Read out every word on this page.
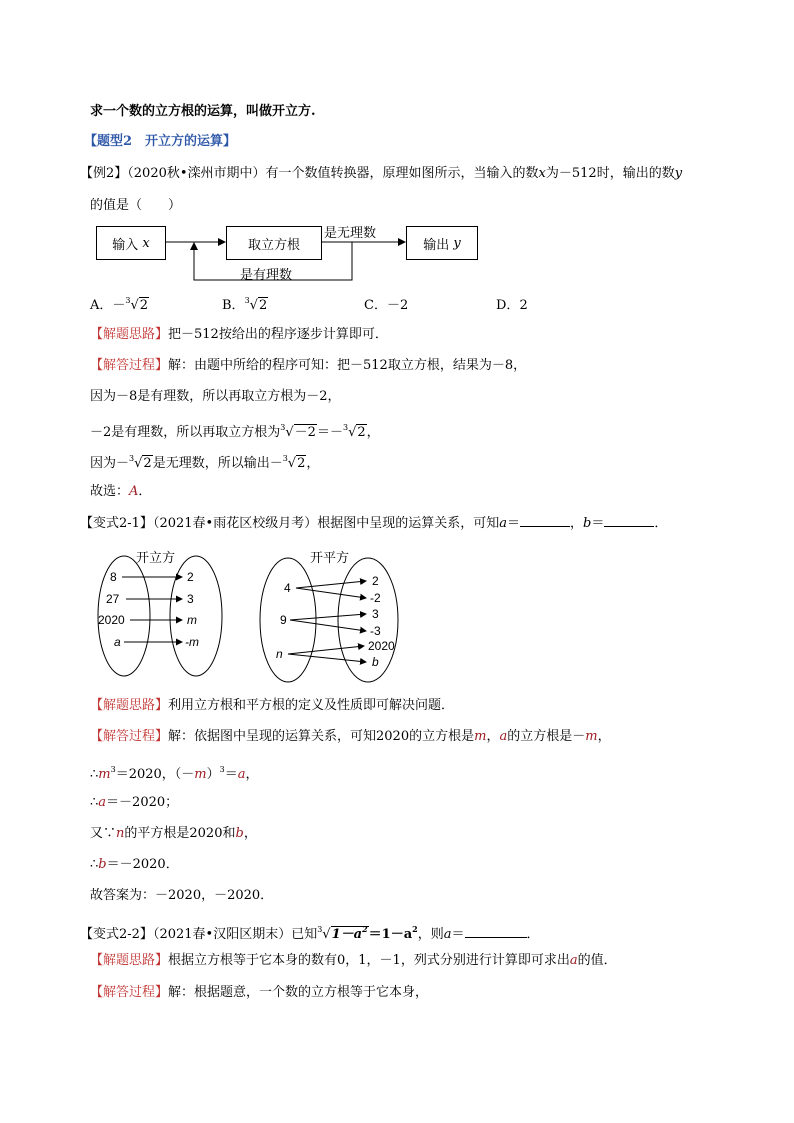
求一个数的立方根的运算，叫做开立方.
【题型2　开立方的运算】
【例2】（2020秋•滦州市期中）有一个数值转换器，原理如图所示，当输入的数x为－512时，输出的数y
的值是（　　）
输入
x	取立方根	输出
y
是无理数
是有理数
A．－$^3$√2	B．$^3$√2	C．－2	D．2
【解题思路】把－512按给出的程序逐步计算即可．
【解答过程】解：由题中所给的程序可知：把－512取立方根，结果为－8，
因为－8是有理数，所以再取立方根为－2，
－2是有理数，所以再取立方根为$^3$√－2＝－$^3$√2，
因为－$^3$√2是无理数，所以输出－$^3$√2，
故选：A．
【变式2-1】（2021春•雨花区校级月考）根据图中呈现的运算关系，可知a＝	，b＝	．
开立方
8
27
2020
a
2
3
m
-m
开平方
4
9
n
2
-2
3
-3
2020
b
【解题思路】利用立方根和平方根的定义及性质即可解决问题．
【解答过程】解：依据图中呈现的运算关系，可知2020的立方根是m，a的立方根是－m，
$\therefore m^3=2020$，$(-m)^3=a$，
∴a＝－2020；
又∵n的平方根是2020和b，
∴b＝－2020．
故答案为：－2020，－2020．
【变式2-2】（2021春•汉阳区期末）已知$^3√1-a^2=1-a^2$，则a＝	．
【解题思路】根据立方根等于它本身的数有0，1，－1，列式分别进行计算即可求出a的值．
【解答过程】解：根据题意，一个数的立方根等于它本身，
